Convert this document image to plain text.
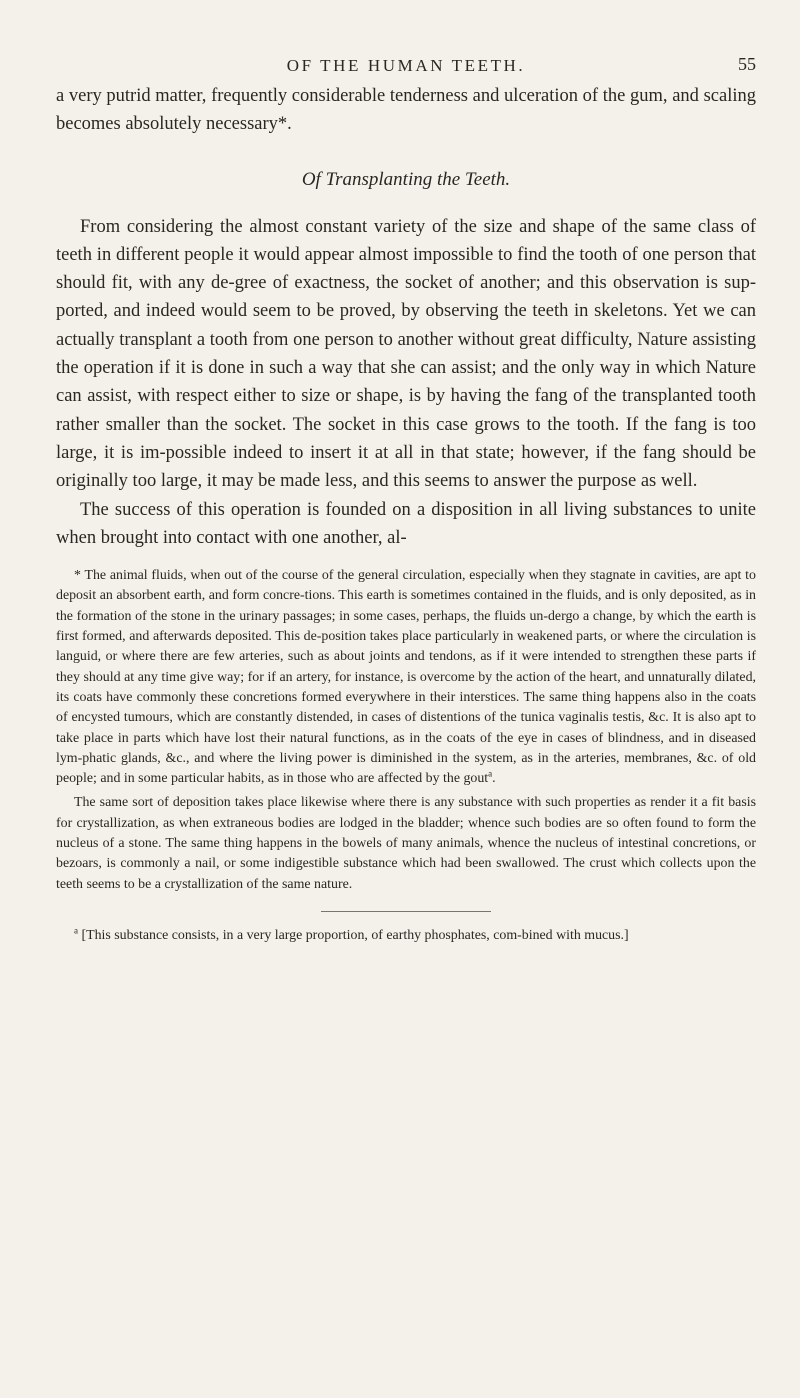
OF THE HUMAN TEETH.	55

a very putrid matter, frequently considerable tenderness and ulceration of the gum, and scaling becomes absolutely necessary*.

Of Transplanting the Teeth.

From considering the almost constant variety of the size and shape of the same class of teeth in different people it would appear almost impossible to find the tooth of one person that should fit, with any de-gree of exactness, the socket of another; and this observation is sup-ported, and indeed would seem to be proved, by observing the teeth in skeletons. Yet we can actually transplant a tooth from one person to another without great difficulty, Nature assisting the operation if it is done in such a way that she can assist; and the only way in which Nature can assist, with respect either to size or shape, is by having the fang of the transplanted tooth rather smaller than the socket. The socket in this case grows to the tooth. If the fang is too large, it is im-possible indeed to insert it at all in that state; however, if the fang should be originally too large, it may be made less, and this seems to answer the purpose as well.

The success of this operation is founded on a disposition in all living substances to unite when brought into contact with one another, al-

* The animal fluids, when out of the course of the general circulation, especially when they stagnate in cavities, are apt to deposit an absorbent earth, and form concre-tions. This earth is sometimes contained in the fluids, and is only deposited, as in the formation of the stone in the urinary passages; in some cases, perhaps, the fluids un-dergo a change, by which the earth is first formed, and afterwards deposited. This de-position takes place particularly in weakened parts, or where the circulation is languid, or where there are few arteries, such as about joints and tendons, as if it were intended to strengthen these parts if they should at any time give way; for if an artery, for instance, is overcome by the action of the heart, and unnaturally dilated, its coats have commonly these concretions formed everywhere in their interstices. The same thing happens also in the coats of encysted tumours, which are constantly distended, in cases of distentions of the tunica vaginalis testis, &c. It is also apt to take place in parts which have lost their natural functions, as in the coats of the eye in cases of blindness, and in diseased lym-phatic glands, &c., and where the living power is diminished in the system, as in the arteries, membranes, &c. of old people; and in some particular habits, as in those who are affected by the gout$^a$.

The same sort of deposition takes place likewise where there is any substance with such properties as render it a fit basis for crystallization, as when extraneous bodies are lodged in the bladder; whence such bodies are so often found to form the nucleus of a stone. The same thing happens in the bowels of many animals, whence the nucleus of intestinal concretions, or bezoars, is commonly a nail, or some indigestible substance which had been swallowed. The crust which collects upon the teeth seems to be a crystallization of the same nature.

$^a$ [This substance consists, in a very large proportion, of earthy phosphates, com-bined with mucus.]
